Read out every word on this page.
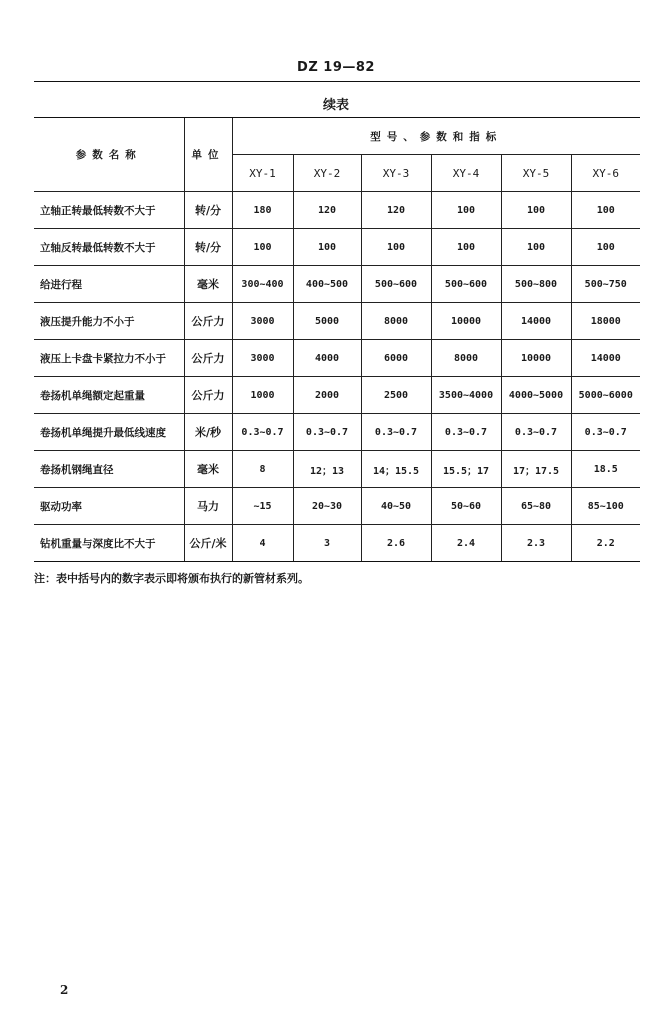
DZ 19—82
续表
参数名称	单位	型号、参数和指标					
		XY-1	XY-2	XY-3	XY-4	XY-5	XY-6
立轴正转最低转数不大于	转/分	180	120	120	100	100	100
立轴反转最低转数不大于	转/分	100	100	100	100	100	100
给进行程	毫米	300~400	400~500	500~600	500~600	500~800	500~750
液压提升能力不小于	公斤力	3000	5000	8000	10000	14000	18000
液压上卡盘卡紧拉力不小于	公斤力	3000	4000	6000	8000	10000	14000
卷扬机单绳额定起重量	公斤力	1000	2000	2500	3500~4000	4000~5000	5000~6000
卷扬机单绳提升最低线速度	米/秒	0.3~0.7	0.3~0.7	0.3~0.7	0.3~0.7	0.3~0.7	0.3~0.7
卷扬机钢绳直径	毫米	8	12；13	14；15.5	15.5；17	17；17.5	18.5
驱动功率	马力	~15	20~30	40~50	50~60	65~80	85~100
钻机重量与深度比不大于	公斤/米	4	3	2.6	2.4	2.3	2.2
注：表中括号内的数字表示即将颁布执行的新管材系列。
2
